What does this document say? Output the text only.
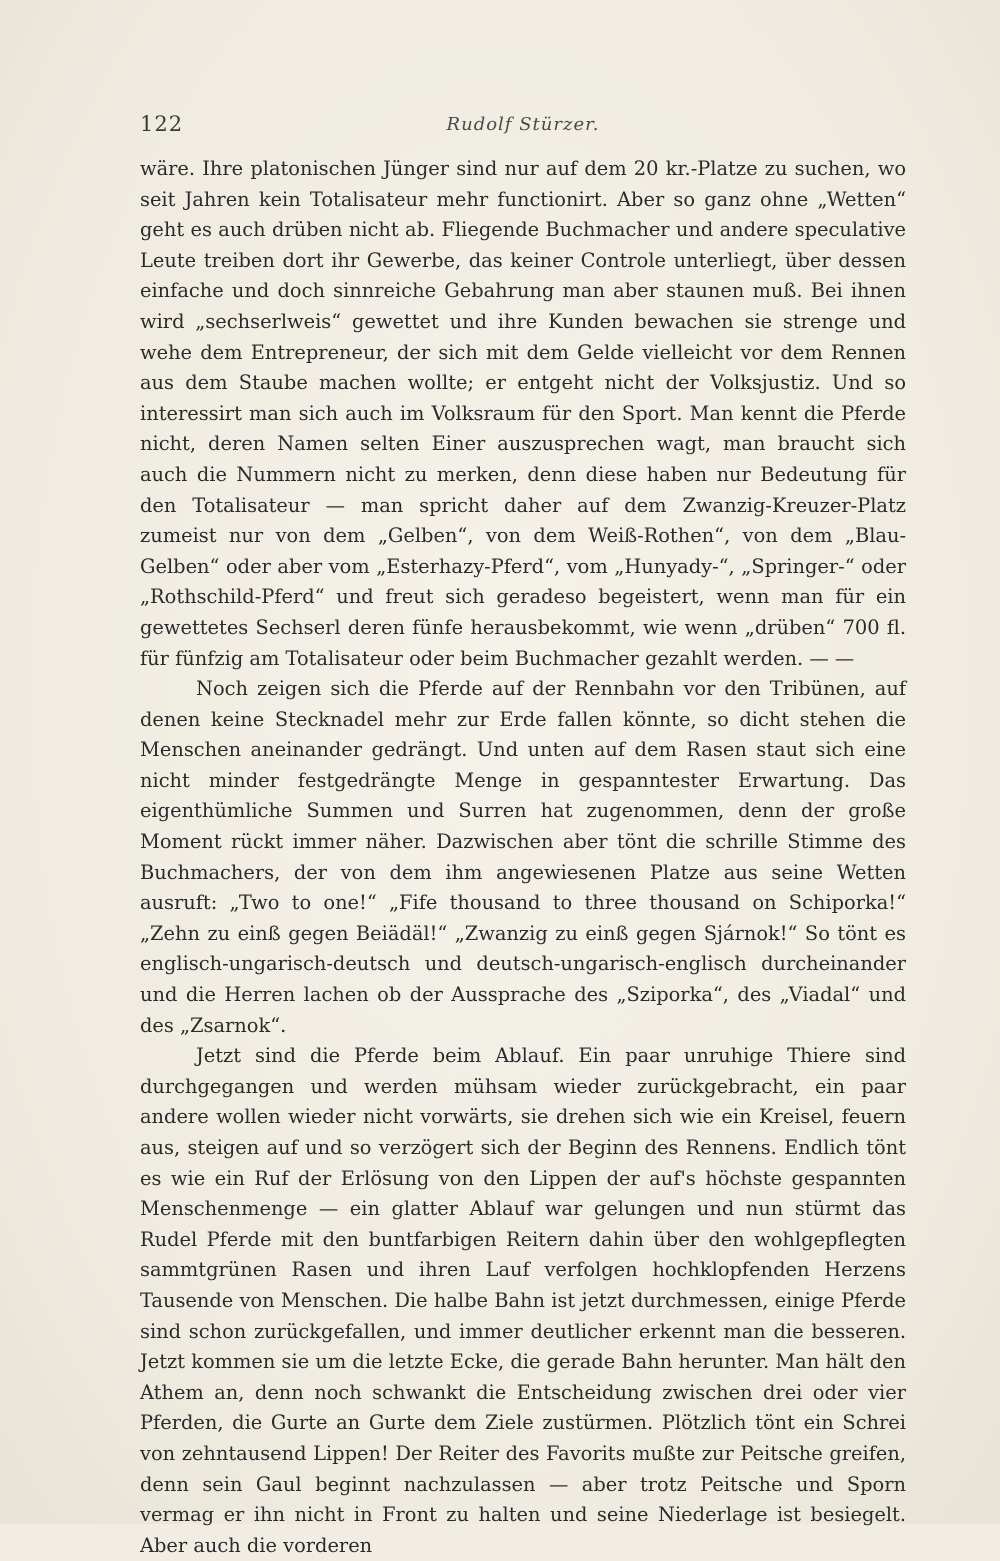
122	Rudolf Stürzer.

wäre. Ihre platonischen Jünger sind nur auf dem 20 kr.-Platze zu suchen, wo seit Jahren kein Totalisateur mehr functionirt. Aber so ganz ohne „Wetten“ geht es auch drüben nicht ab. Fliegende Buchmacher und andere speculative Leute treiben dort ihr Gewerbe, das keiner Controle unterliegt, über dessen einfache und doch sinnreiche Gebahrung man aber staunen muß. Bei ihnen wird „sechserlweis“ gewettet und ihre Kunden bewachen sie strenge und wehe dem Entrepreneur, der sich mit dem Gelde vielleicht vor dem Rennen aus dem Staube machen wollte; er entgeht nicht der Volksjustiz. Und so interessirt man sich auch im Volksraum für den Sport. Man kennt die Pferde nicht, deren Namen selten Einer auszusprechen wagt, man braucht sich auch die Nummern nicht zu merken, denn diese haben nur Bedeutung für den Totalisateur — man spricht daher auf dem Zwanzig-Kreuzer-Platz zumeist nur von dem „Gelben“, von dem Weiß-Rothen“, von dem „Blau-Gelben“ oder aber vom „Esterhazy-Pferd“, vom „Hunyady-“, „Springer-“ oder „Rothschild-Pferd“ und freut sich geradeso begeistert, wenn man für ein gewettetes Sechserl deren fünfe herausbekommt, wie wenn „drüben“ 700 fl. für fünfzig am Totalisateur oder beim Buchmacher gezahlt werden. — —

Noch zeigen sich die Pferde auf der Rennbahn vor den Tribünen, auf denen keine Stecknadel mehr zur Erde fallen könnte, so dicht stehen die Menschen aneinander gedrängt. Und unten auf dem Rasen staut sich eine nicht minder festgedrängte Menge in gespanntester Erwartung. Das eigenthümliche Summen und Surren hat zugenommen, denn der große Moment rückt immer näher. Dazwischen aber tönt die schrille Stimme des Buchmachers, der von dem ihm angewiesenen Platze aus seine Wetten ausruft: „Two to one!“ „Fife thousand to three thousand on Schiporka!“ „Zehn zu einß gegen Beiädäl!“ „Zwanzig zu einß gegen Sjárnok!“ So tönt es englisch-ungarisch-deutsch und deutsch-ungarisch-englisch durcheinander und die Herren lachen ob der Aussprache des „Sziporka“, des „Viadal“ und des „Zsarnok“.

Jetzt sind die Pferde beim Ablauf. Ein paar unruhige Thiere sind durchgegangen und werden mühsam wieder zurückgebracht, ein paar andere wollen wieder nicht vorwärts, sie drehen sich wie ein Kreisel, feuern aus, steigen auf und so verzögert sich der Beginn des Rennens. Endlich tönt es wie ein Ruf der Erlösung von den Lippen der auf's höchste gespannten Menschenmenge — ein glatter Ablauf war gelungen und nun stürmt das Rudel Pferde mit den buntfarbigen Reitern dahin über den wohlgepflegten sammtgrünen Rasen und ihren Lauf verfolgen hochklopfenden Herzens Tausende von Menschen. Die halbe Bahn ist jetzt durchmessen, einige Pferde sind schon zurückgefallen, und immer deutlicher erkennt man die besseren. Jetzt kommen sie um die letzte Ecke, die gerade Bahn herunter. Man hält den Athem an, denn noch schwankt die Entscheidung zwischen drei oder vier Pferden, die Gurte an Gurte dem Ziele zustürmen. Plötzlich tönt ein Schrei von zehntausend Lippen! Der Reiter des Favorits mußte zur Peitsche greifen, denn sein Gaul beginnt nachzulassen — aber trotz Peitsche und Sporn vermag er ihn nicht in Front zu halten und seine Niederlage ist besiegelt. Aber auch die vorderen
